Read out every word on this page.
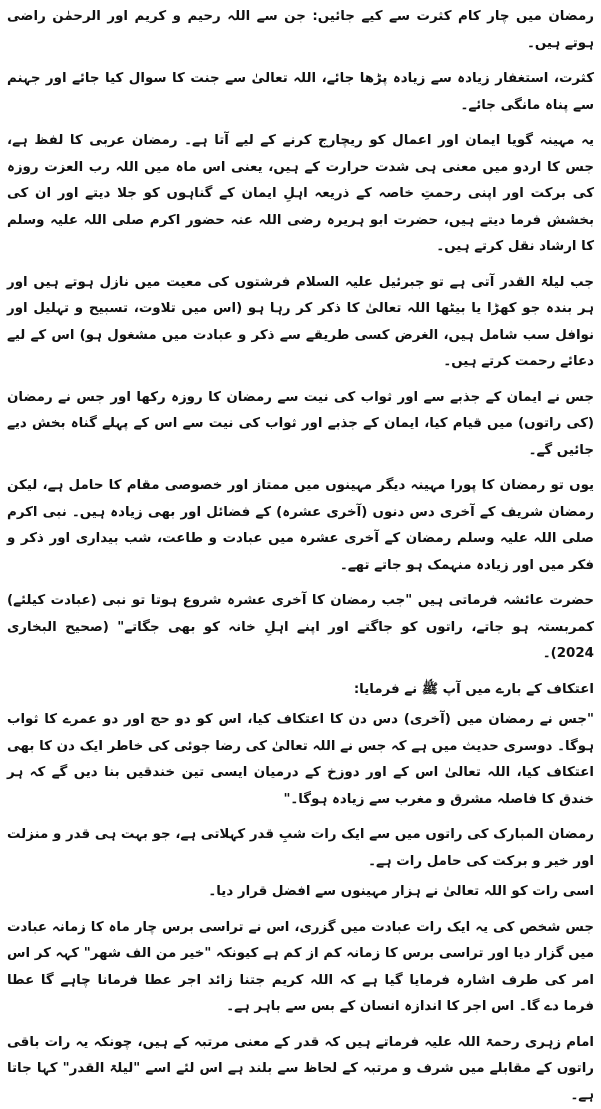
رمضان میں چار کام کثرت سے کیے جائیں: جن سے اللہ رحیم و کریم اور الرحمٰن راضی ہوتے ہیں۔

کثرت، استغفار زیادہ سے زیادہ پڑھا جائے، اللہ تعالیٰ سے جنت کا سوال کیا جائے اور جہنم سے پناہ مانگی جائے۔

یہ مہینہ گویا ایمان اور اعمال کو ریچارج کرنے کے لیے آتا ہے۔ رمضان عربی کا لفظ ہے، جس کا اردو میں معنی ہی شدت حرارت کے ہیں، یعنی اس ماہ میں اللہ رب العزت روزہ کی برکت اور اپنی رحمتِ خاصہ کے ذریعہ اہلِ ایمان کے گناہوں کو جلا دیتے اور ان کی بخشش فرما دیتے ہیں، حضرت ابو ہریرہ رضی اللہ عنہ حضور اکرم صلی اللہ علیہ وسلم کا ارشاد نقل کرتے ہیں۔

جب لیلۃ القدر آتی ہے تو جبرئیل علیہ السلام فرشتوں کی معیت میں نازل ہوتے ہیں اور ہر بندہ جو کھڑا یا بیٹھا اللہ تعالیٰ کا ذکر کر رہا ہو (اس میں تلاوت، تسبیح و تہلیل اور نوافل سب شامل ہیں، الغرض کسی طریقے سے ذکر و عبادت میں مشغول ہو) اس کے لیے دعائے رحمت کرتے ہیں۔

جس نے ایمان کے جذبے سے اور ثواب کی نیت سے رمضان کا روزہ رکھا اور جس نے رمضان (کی راتوں) میں قیام کیا، ایمان کے جذبے اور ثواب کی نیت سے اس کے پہلے گناہ بخش دیے جائیں گے۔

یوں تو رمضان کا پورا مہینہ دیگر مہینوں میں ممتاز اور خصوصی مقام کا حامل ہے، لیکن رمضان شریف کے آخری دس دنوں (آخری عشرہ) کے فضائل اور بھی زیادہ ہیں۔ نبی اکرم صلی اللہ علیہ وسلم رمضان کے آخری عشرہ میں عبادت و طاعت، شب بیداری اور ذکر و فکر میں اور زیادہ منہمک ہو جاتے تھے۔

حضرت عائشہ فرماتی ہیں "جب رمضان کا آخری عشرہ شروع ہوتا تو نبی (عبادت کیلئے) کمربستہ ہو جاتے، راتوں کو جاگتے اور اپنے اہلِ خانہ کو بھی جگاتے" (صحیح البخاری 2024)۔

اعتکاف کے بارے میں آپ ﷺ نے فرمایا:

"جس نے رمضان میں (آخری) دس دن کا اعتکاف کیا، اس کو دو حج اور دو عمرے کا ثواب ہوگا۔ دوسری حدیث میں ہے کہ جس نے اللہ تعالیٰ کی رضا جوئی کی خاطر ایک دن کا بھی اعتکاف کیا، اللہ تعالیٰ اس کے اور دوزخ کے درمیان ایسی تین خندقیں بنا دیں گے کہ ہر خندق کا فاصلہ مشرق و مغرب سے زیادہ ہوگا۔"

رمضان المبارک کی راتوں میں سے ایک رات شبِ قدر کہلاتی ہے، جو بہت ہی قدر و منزلت اور خیر و برکت کی حامل رات ہے۔

اسی رات کو اللہ تعالیٰ نے ہزار مہینوں سے افضل قرار دیا۔

جس شخص کی یہ ایک رات عبادت میں گزری، اس نے تراسی برس چار ماہ کا زمانہ عبادت میں گزار دیا اور تراسی برس کا زمانہ کم از کم ہے کیونکہ "خیر من الف شھر" کہہ کر اس امر کی طرف اشارہ فرمایا گیا ہے کہ اللہ کریم جتنا زائد اجر عطا فرمانا چاہے گا عطا فرما دے گا۔ اس اجر کا اندازہ انسان کے بس سے باہر ہے۔

امام زہری رحمۃ اللہ علیہ فرماتے ہیں کہ قدر کے معنی مرتبہ کے ہیں، چونکہ یہ رات باقی راتوں کے مقابلے میں شرف و مرتبہ کے لحاظ سے بلند ہے اس لئے اسے "لیلۃ القدر" کہا جاتا ہے۔
